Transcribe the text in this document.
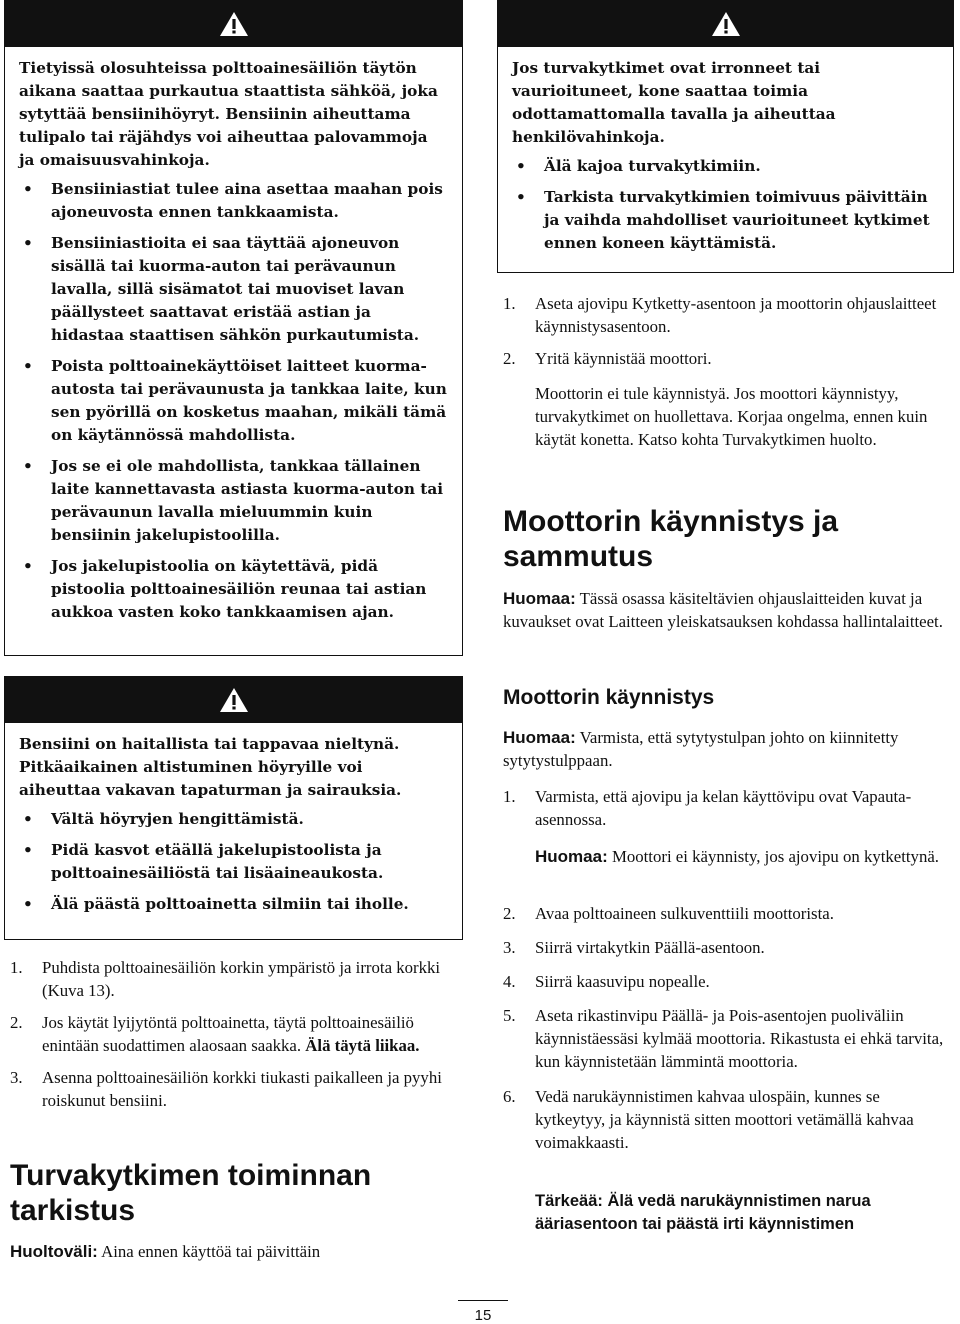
Tietyissä olosuhteissa polttoainesäiliön täytön aikana saattaa purkautua staattista sähköä, joka sytyttää bensiinihöyryt. Bensiinin aiheuttama tulipalo tai räjähdys voi aiheuttaa palovammoja ja omaisuusvahinkoja.

• Bensiiniastiat tulee aina asettaa maahan pois ajoneuvosta ennen tankkaamista.
• Bensiiniastioita ei saa täyttää ajoneuvon sisällä tai kuorma-auton tai perävaunun lavalla, sillä sisämatot tai muoviset lavan päällysteet saattavat eristää astian ja hidastaa staattisen sähkön purkautumista.
• Poista polttoainekäyttöiset laitteet kuorma-autosta tai perävaunusta ja tankkaa laite, kun sen pyörillä on kosketus maahan, mikäli tämä on käytännössä mahdollista.
• Jos se ei ole mahdollista, tankkaa tällainen laite kannettavasta astiasta kuorma-auton tai perävaunun lavalla mieluummin kuin bensiinin jakelupistoolilla.
• Jos jakelupistoolia on käytettävä, pidä pistoolia polttoainesäiliön reunaa tai astian aukkoa vasten koko tankkaamisen ajan.

Bensiini on haitallista tai tappavaa nieltynä. Pitkäaikainen altistuminen höyryille voi aiheuttaa vakavan tapaturman ja sairauksia.

• Vältä höyryjen hengittämistä.
• Pidä kasvot etäällä jakelupistoolista ja polttoainesäiliöstä tai lisäaineaukosta.
• Älä päästä polttoainetta silmiin tai iholle.
1. Puhdista polttoainesäiliön korkin ympäristö ja irrota korkki (Kuva 13).
2. Jos käytät lyijytöntä polttoainetta, täytä polttoainesäiliö enintään suodattimen alaosaan saakka. Älä täytä liikaa.
3. Asenna polttoainesäiliön korkki tiukasti paikalleen ja pyyhi roiskunut bensiini.
Turvakytkimen toiminnan tarkistus
Huoltoväli: Aina ennen käyttöä tai päivittäin

Jos turvakytkimet ovat irronneet tai vaurioituneet, kone saattaa toimia odottamattomalla tavalla ja aiheuttaa henkilövahinkoja.

• Älä kajoa turvakytkimiin.
• Tarkista turvakytkimien toimivuus päivittäin ja vaihda mahdolliset vaurioituneet kytkimet ennen koneen käyttämistä.
1. Aseta ajovipu Kytketty-asentoon ja moottorin ohjauslaitteet käynnistysasentoon.
2. Yritä käynnistää moottori.

Moottorin ei tule käynnistyä. Jos moottori käynnistyy, turvakytkimet on huollettava. Korjaa ongelma, ennen kuin käytät konetta. Katso kohta Turvakytkimen huolto.

Moottorin käynnistys ja sammutus

Huomaa: Tässä osassa käsiteltävien ohjauslaitteiden kuvat ja kuvaukset ovat Laitteen yleiskatsauksen kohdassa hallintalaitteet.

Moottorin käynnistys

Huomaa: Varmista, että sytytystulpan johto on kiinnitetty sytytystulppaan.

1. Varmista, että ajovipu ja kelan käyttövipu ovat Vapauta-asennossa.

Huomaa: Moottori ei käynnisty, jos ajovipu on kytkettynä.

2. Avaa polttoaineen sulkuventtiili moottorista.
3. Siirrä virtakytkin Päällä-asentoon.
4. Siirrä kaasuvipu nopealle.
5. Aseta rikastinvipu Päällä- ja Pois-asentojen puoliväliin käynnistäessäsi kylmää moottoria. Rikastusta ei ehkä tarvita, kun käynnistetään lämmintä moottoria.
6. Vedä narukäynnistimen kahvaa ulospäin, kunnes se kytkeytyy, ja käynnistä sitten moottori vetämällä kahvaa voimakkaasti.

Tärkeää: Älä vedä narukäynnistimen narua ääriasentoon tai päästä irti käynnistimen

15
